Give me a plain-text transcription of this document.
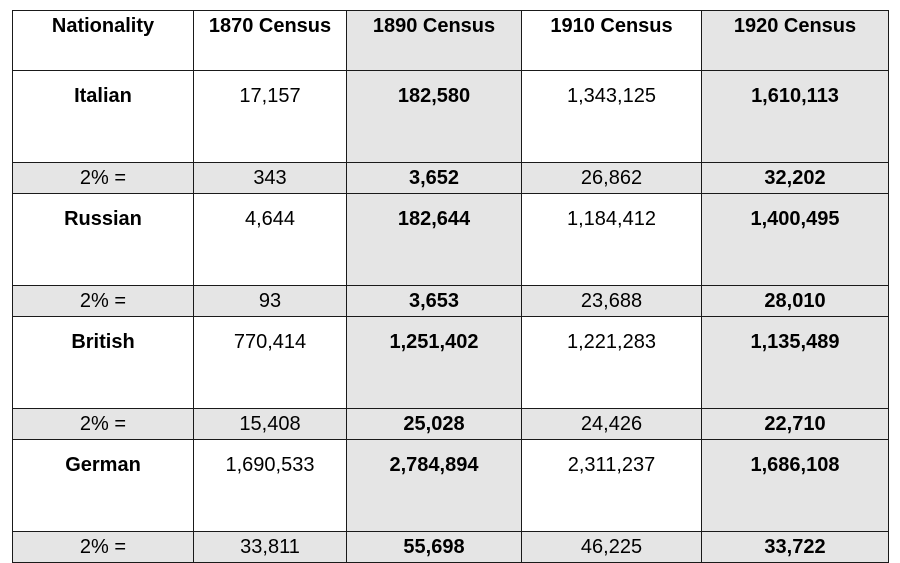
Nationality	1870 Census	1890 Census	1910 Census	1920 Census
Italian	17,157	182,580	1,343,125	1,610,113
2% =	343	3,652	26,862	32,202
Russian	4,644	182,644	1,184,412	1,400,495
2% =	93	3,653	23,688	28,010
British	770,414	1,251,402	1,221,283	1,135,489
2% =	15,408	25,028	24,426	22,710
German	1,690,533	2,784,894	2,311,237	1,686,108
2% =	33,811	55,698	46,225	33,722
